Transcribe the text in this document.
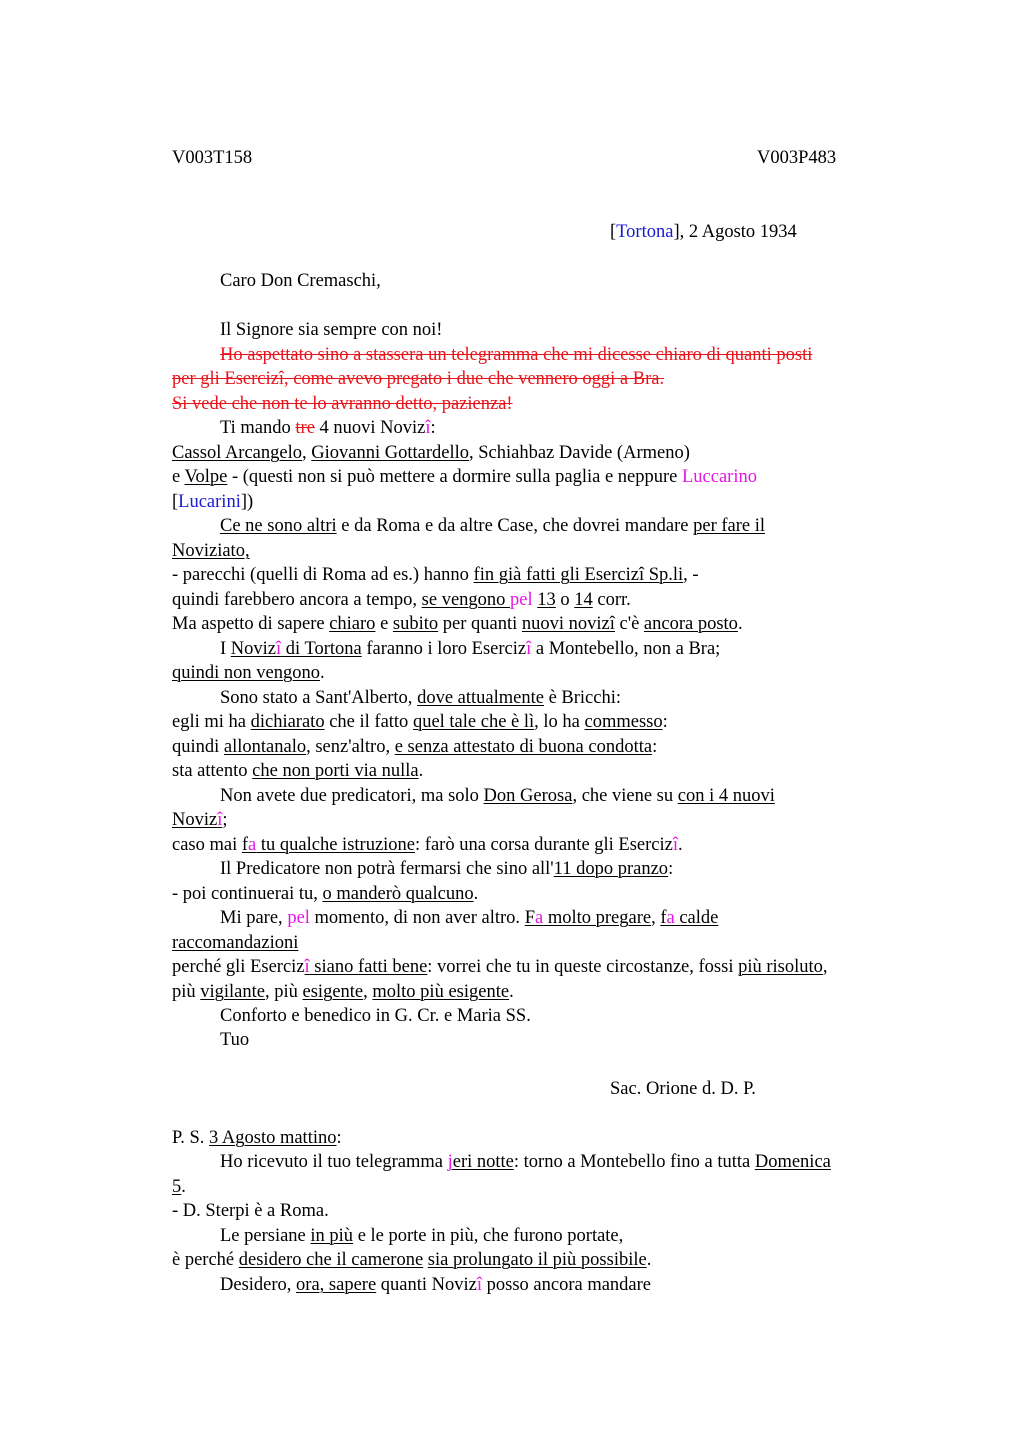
V003T158	V003P483
[Tortona], 2 Agosto 1934
Caro Don Cremaschi,
Il Signore sia sempre con noi!
Ho aspettato sino a stassera un telegramma che mi dicesse chiaro di quanti posti
per gli Esercizî, come avevo pregato i due che vennero oggi a Bra.
Si vede che non te lo avranno detto, pazienza!
Ti mando tre 4 nuovi Novizî:
Cassol Arcangelo, Giovanni Gottardello, Schiahbaz Davide (Armeno)
e Volpe - (questi non si può mettere a dormire sulla paglia e neppure Luccarino
[Lucarini])
Ce ne sono altri e da Roma e da altre Case, che dovrei mandare per fare il
Noviziato,
- parecchi (quelli di Roma ad es.) hanno fin già fatti gli Esercizî Sp.li, -
quindi farebbero ancora a tempo, se vengono pel 13 o 14 corr.
Ma aspetto di sapere chiaro e subito per quanti nuovi novizî c'è ancora posto.
I Novizî di Tortona faranno i loro Esercizî a Montebello, non a Bra;
quindi non vengono.
Sono stato a Sant'Alberto, dove attualmente è Bricchi:
egli mi ha dichiarato che il fatto quel tale che è lì, lo ha commesso:
quindi allontanalo, senz'altro, e senza attestato di buona condotta:
sta attento che non porti via nulla.
Non avete due predicatori, ma solo Don Gerosa, che viene su con i 4 nuovi
Novizî;
caso mai fa tu qualche istruzione: farò una corsa durante gli Esercizî.
Il Predicatore non potrà fermarsi che sino all'11 dopo pranzo:
- poi continuerai tu, o manderò qualcuno.
Mi pare, pel momento, di non aver altro. Fa molto pregare, fa calde
raccomandazioni
perché gli Esercizî siano fatti bene: vorrei che tu in queste circostanze, fossi più risoluto,
più vigilante, più esigente, molto più esigente.
Conforto e benedico in G. Cr. e Maria SS.
Tuo
Sac. Orione d. D. P.
P. S. 3 Agosto mattino:
Ho ricevuto il tuo telegramma jeri notte: torno a Montebello fino a tutta Domenica
5.
- D. Sterpi è a Roma.
Le persiane in più e le porte in più, che furono portate,
è perché desidero che il camerone sia prolungato il più possibile.
Desidero, ora, sapere quanti Novizî posso ancora mandare
